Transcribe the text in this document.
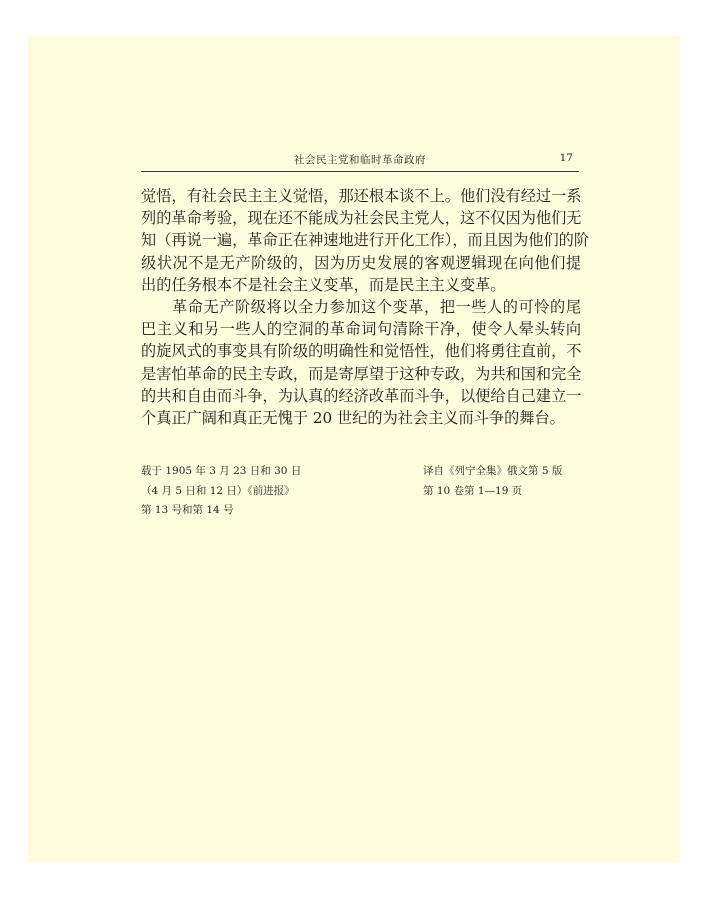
社会民主党和临时革命政府	17
觉悟，有社会民主主义觉悟，那还根本谈不上。他们没有经过一系
列的革命考验，现在还不能成为社会民主党人，这不仅因为他们无
知（再说一遍，革命正在神速地进行开化工作），而且因为他们的阶
级状况不是无产阶级的，因为历史发展的客观逻辑现在向他们提
出的任务根本不是社会主义变革，而是民主主义变革。
革命无产阶级将以全力参加这个变革，把一些人的可怜的尾
巴主义和另一些人的空洞的革命词句清除干净，使令人晕头转向
的旋风式的事变具有阶级的明确性和觉悟性，他们将勇往直前，不
是害怕革命的民主专政，而是寄厚望于这种专政，为共和国和完全
的共和自由而斗争，为认真的经济改革而斗争，以便给自己建立一
个真正广阔和真正无愧于 20 世纪的为社会主义而斗争的舞台。
载于 1905 年 3 月 23 日和 30 日
（4 月 5 日和 12 日）《前进报》
第 13 号和第 14 号
译自《列宁全集》俄文第 5 版
第 10 卷第 1—19 页
